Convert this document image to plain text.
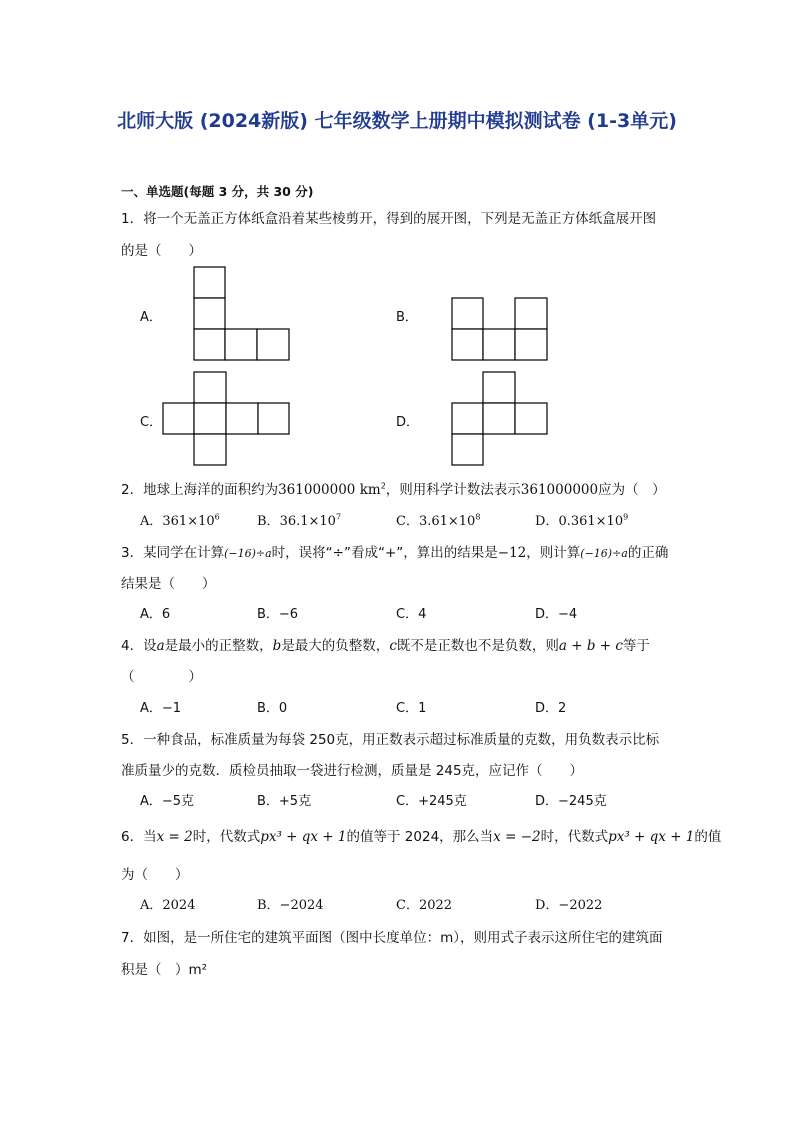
北师大版 (2024新版) 七年级数学上册期中模拟测试卷 (1-3单元)
一、单选题(每题 3 分，共 30 分)
1．将一个无盖正方体纸盒沿着某些棱剪开，得到的展开图，下列是无盖正方体纸盒展开图
的是（　　）
A．	B．
C．	D．
2．地球上海洋的面积约为361000000 $km^2$，则用科学计数法表示361000000应为（　）
A．$361\times 10^6$	B．$36.1\times 10^7$	C．$3.61\times 10^8$	D．$0.361\times 10^9$
3．某同学在计算(−16)÷a时，误将“÷”看成“+”，算出的结果是−12，则计算(−16)÷a的正确
结果是（　　）
A．6	B．−6	C．4	D．−4
4．设a是最小的正整数，b是最大的负整数，c既不是正数也不是负数，则a + b + c等于
（　　　　）
A．−1	B．0	C．1	D．2
5．一种食品，标准质量为每袋 250克，用正数表示超过标准质量的克数，用负数表示比标
准质量少的克数．质检员抽取一袋进行检测，质量是 245克，应记作（　　）
A．−5克	B．+5克	C．+245克	D．−245克
6．当x = 2时，代数式px³ + qx + 1的值等于 2024，那么当x = −2时，代数式px³ + qx + 1的值
为（　　）
A．2024	B．−2024	C．2022	D．−2022
7．如图，是一所住宅的建筑平面图（图中长度单位：m），则用式子表示这所住宅的建筑面
积是（　）m²
